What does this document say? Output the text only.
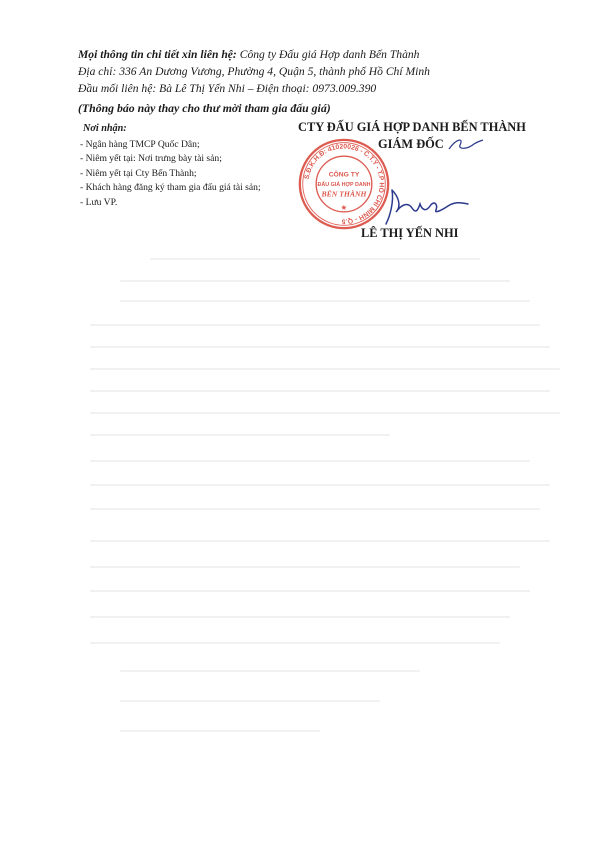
Mọi thông tin chi tiết xin liên hệ: Công ty Đấu giá Hợp danh Bến Thành
Địa chỉ: 336 An Dương Vương, Phường 4, Quận 5, thành phố Hồ Chí Minh
Đầu mối liên hệ: Bà Lê Thị Yến Nhi – Điện thoại: 0973.009.390
(Thông báo này thay cho thư mời tham gia đấu giá)
Nơi nhận:
- Ngân hàng TMCP Quốc Dân;
- Niêm yết tại: Nơi trưng bày tài sản;
- Niêm yết tại Cty Bến Thành;
- Khách hàng đăng ký tham gia đấu giá tài sản;
- Lưu VP.
CTY ĐẤU GIÁ HỢP DANH BẾN THÀNH
GIÁM ĐỐC
S.Đ.K.H.Đ: 41020026 - C.T.Y - T.P HỒ CHÍ MINH - Q.5
CÔNG TY
ĐẤU GIÁ HỢP DANH
BẾN THÀNH
★
LÊ THỊ YẾN NHI
